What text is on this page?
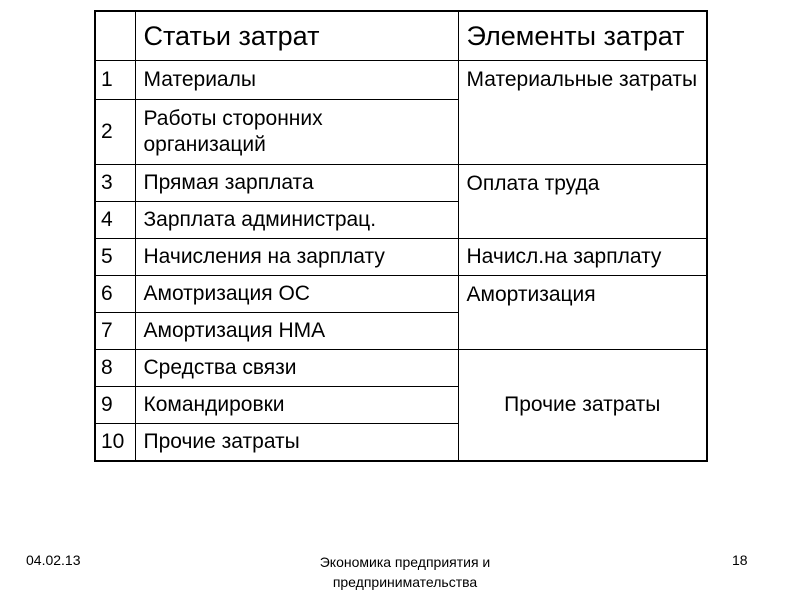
	Статьи затрат	Элементы затрат
1	Материалы	Материальные затраты
2	Работы сторонних организаций	
3	Прямая зарплата	Оплата труда
4	Зарплата администрац.	
5	Начисления на зарплату	Начисл.на зарплату
6	Амотризация ОС	Амортизация
7	Амортизация НМА	
8	Средства связи	Прочие затраты
9	Командировки	
10	Прочие затраты	
04.02.13	Экономика предприятия и предпринимательства
18
